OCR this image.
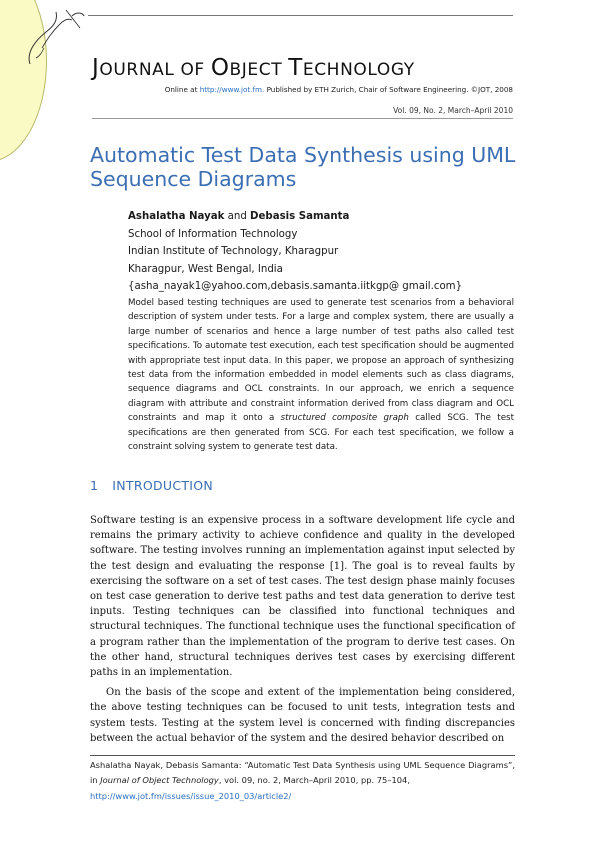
JOURNAL OF OBJECT TECHNOLOGY
Online at http://www.jot.fm. Published by ETH Zurich, Chair of Software Engineering. ©JOT, 2008
Vol. 09, No. 2, March–April 2010
Automatic Test Data Synthesis using UML Sequence Diagrams
Ashalatha Nayak and Debasis Samanta
School of Information Technology
Indian Institute of Technology, Kharagpur
Kharagpur, West Bengal, India
{asha_nayak1@yahoo.com,debasis.samanta.iitkgp@ gmail.com}
Model based testing techniques are used to generate test scenarios from a behavioral description of system under tests. For a large and complex system, there are usually a large number of scenarios and hence a large number of test paths also called test specifications. To automate test execution, each test specification should be augmented with appropriate test input data. In this paper, we propose an approach of synthesizing test data from the information embedded in model elements such as class diagrams, sequence diagrams and OCL constraints. In our approach, we enrich a sequence diagram with attribute and constraint information derived from class diagram and OCL constraints and map it onto a structured composite graph called SCG. The test specifications are then generated from SCG. For each test specification, we follow a constraint solving system to generate test data.
1 INTRODUCTION

Software testing is an expensive process in a software development life cycle and remains the primary activity to achieve confidence and quality in the developed software. The testing involves running an implementation against input selected by the test design and evaluating the response [1]. The goal is to reveal faults by exercising the software on a set of test cases. The test design phase mainly focuses on test case generation to derive test paths and test data generation to derive test inputs. Testing techniques can be classified into functional techniques and structural techniques. The functional technique uses the functional specification of a program rather than the implementation of the program to derive test cases. On the other hand, structural techniques derives test cases by exercising different paths in an implementation.

On the basis of the scope and extent of the implementation being considered, the above testing techniques can be focused to unit tests, integration tests and system tests. Testing at the system level is concerned with finding discrepancies between the actual behavior of the system and the desired behavior described on

Ashalatha Nayak, Debasis Samanta: “Automatic Test Data Synthesis using UML Sequence Diagrams”, in Journal of Object Technology, vol. 09, no. 2, March–April 2010, pp. 75–104,
http://www.jot.fm/issues/issue_2010_03/article2/
